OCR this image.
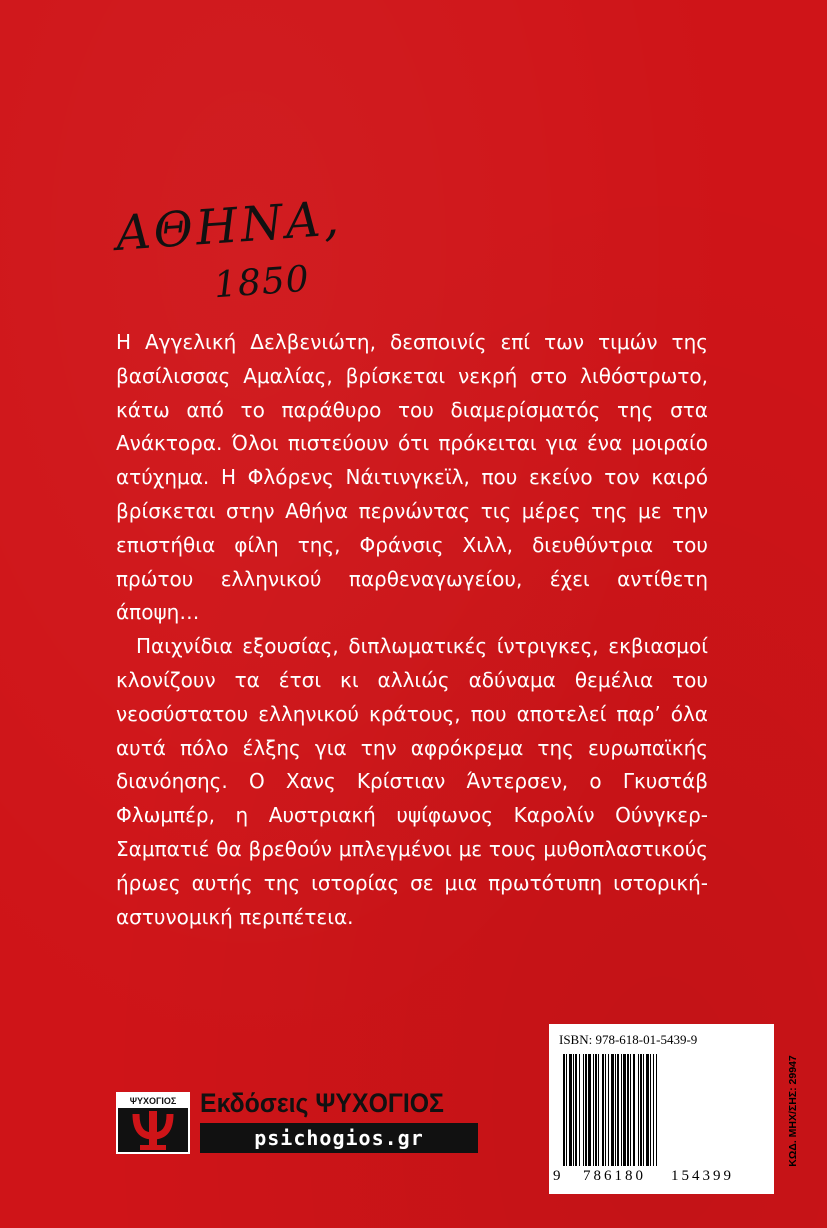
ΑΘΗΝΑ,
1850

Η Αγγελική Δελβενιώτη, δεσποινίς επί των τιμών της βασίλισσας Αμαλίας, βρίσκεται νεκρή στο λιθόστρωτο, κάτω από το παράθυρο του διαμερίσματός της στα Ανάκτορα. Όλοι πιστεύουν ότι πρόκειται για ένα μοιραίο ατύχημα. Η Φλόρενς Νάιτινγκεϊλ, που εκείνο τον καιρό βρίσκεται στην Αθήνα περνώντας τις μέρες της με την επιστήθια φίλη της, Φράνσις Χιλλ, διευθύντρια του πρώτου ελληνικού παρθεναγωγείου, έχει αντίθετη άποψη…

Παιχνίδια εξουσίας, διπλωματικές ίντριγκες, εκβιασμοί κλονίζουν τα έτσι κι αλλιώς αδύναμα θεμέλια του νεοσύστατου ελληνικού κράτους, που αποτελεί παρ’ όλα αυτά πόλο έλξης για την αφρόκρεμα της ευρωπαϊκής διανόησης. Ο Χανς Κρίστιαν Άντερσεν, ο Γκυστάβ Φλωμπέρ, η Αυστριακή υψίφωνος Καρολίν Ούνγκερ-Σαμπατιέ θα βρεθούν μπλεγμένοι με τους μυθοπλαστικούς ήρωες αυτής της ιστορίας σε μια πρωτότυπη ιστορική-αστυνομική περιπέτεια.

ISBN: 978-618-01-5439-9
9 786180 154399
ΚΩΔ. ΜΗΧ/ΣΗΣ: 29947
ΨΥΧΟΓΙΟΣ Εκδόσεις ΨΥΧΟΓΙΟΣ
psichogios.gr
